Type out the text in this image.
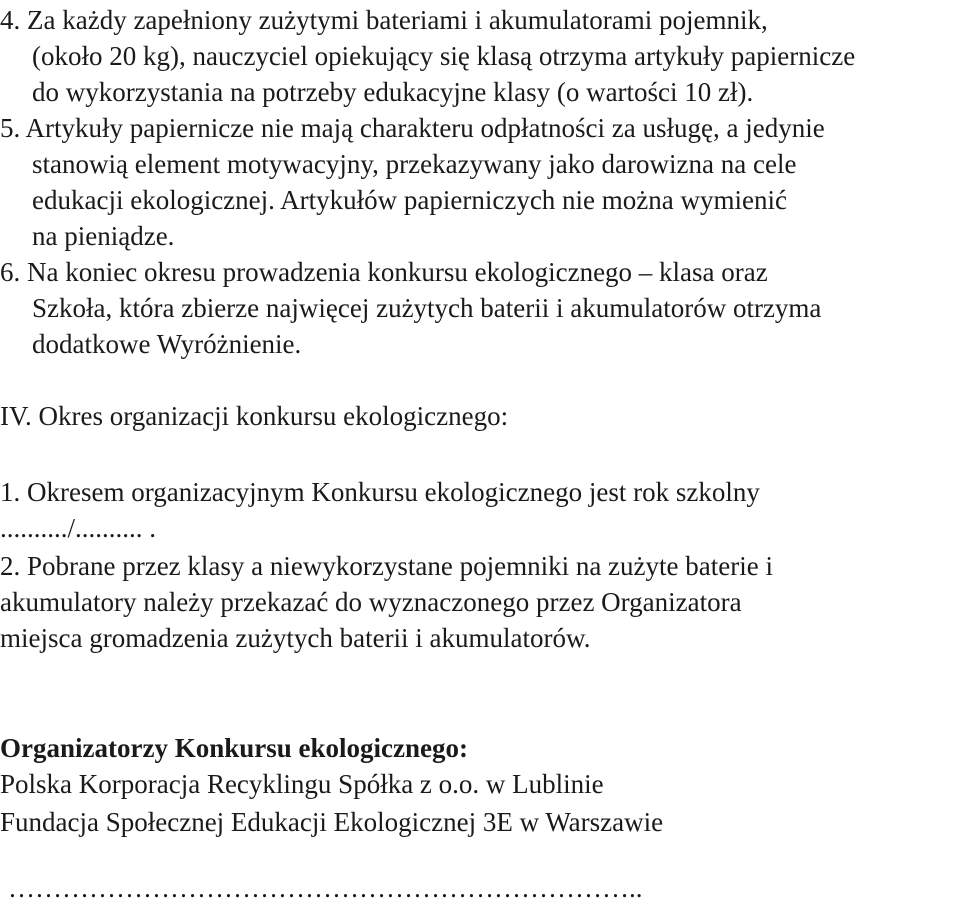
4. Za każdy zapełniony zużytymi bateriami i akumulatorami pojemnik,
(około 20 kg), nauczyciel opiekujący się klasą otrzyma artykuły papiernicze
do wykorzystania na potrzeby edukacyjne klasy (o wartości 10 zł).
5. Artykuły papiernicze nie mają charakteru odpłatności za usługę, a jedynie
stanowią element motywacyjny, przekazywany jako darowizna na cele
edukacji ekologicznej. Artykułów papierniczych nie można wymienić
na pieniądze.
6. Na koniec okresu prowadzenia konkursu ekologicznego – klasa oraz
Szkoła, która zbierze najwięcej zużytych baterii i akumulatorów otrzyma
dodatkowe Wyróżnienie.
IV. Okres organizacji konkursu ekologicznego:
1. Okresem organizacyjnym Konkursu ekologicznego jest rok szkolny
........../.......... .
2. Pobrane przez klasy a niewykorzystane pojemniki na zużyte baterie i
akumulatory należy przekazać do wyznaczonego przez Organizatora
miejsca gromadzenia zużytych baterii i akumulatorów.
Organizatorzy Konkursu ekologicznego:
Polska Korporacja Recyklingu Spółka z o.o. w Lublinie
Fundacja Społecznej Edukacji Ekologicznej 3E w Warszawie
……………………………………………………………..
